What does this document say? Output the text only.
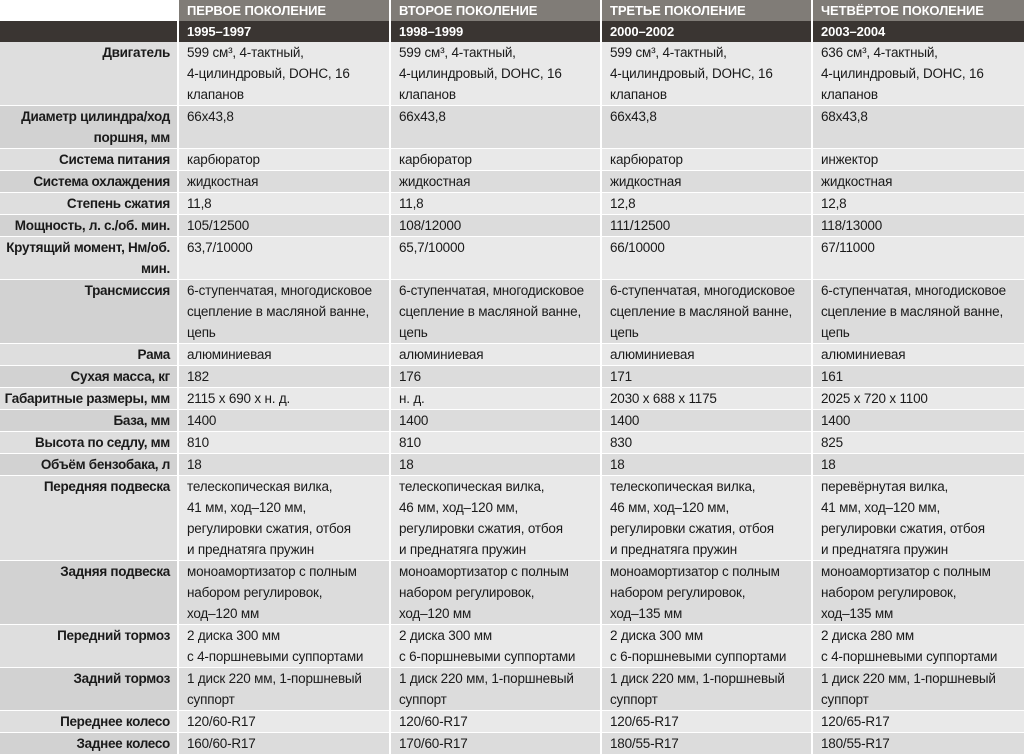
	ПЕРВОЕ ПОКОЛЕНИЕ	ВТОРОЕ ПОКОЛЕНИЕ	ТРЕТЬЕ ПОКОЛЕНИЕ	ЧЕТВЁРТОЕ ПОКОЛЕНИЕ
	1995–1997	1998–1999	2000–2002	2003–2004
Двигатель	599 см³, 4-тактный,
4-цилиндровый, DOHC, 16
клапанов	599 см³, 4-тактный,
4-цилиндровый, DOHC, 16
клапанов	599 см³, 4-тактный,
4-цилиндровый, DOHC, 16
клапанов	636 см³, 4-тактный,
4-цилиндровый, DOHC, 16
клапанов
Диаметр цилиндра/ход
поршня, мм	66x43,8	66x43,8	66x43,8	68x43,8
Система питания	карбюратор	карбюратор	карбюратор	инжектор
Система охлаждения	жидкостная	жидкостная	жидкостная	жидкостная
Степень сжатия	11,8	11,8	12,8	12,8
Мощность, л. с./об. мин.	105/12500	108/12000	111/12500	118/13000
Крутящий момент, Нм/об.
мин.	63,7/10000	65,7/10000	66/10000	67/11000
Трансмиссия	6-ступенчатая, многодисковое
сцепление в масляной ванне,
цепь	6-ступенчатая, многодисковое
сцепление в масляной ванне,
цепь	6-ступенчатая, многодисковое
сцепление в масляной ванне,
цепь	6-ступенчатая, многодисковое
сцепление в масляной ванне,
цепь
Рама	алюминиевая	алюминиевая	алюминиевая	алюминиевая
Сухая масса, кг	182	176	171	161
Габаритные размеры, мм	2115 x 690 x н. д.	н. д.	2030 x 688 x 1175	2025 x 720 x 1100
База, мм	1400	1400	1400	1400
Высота по седлу, мм	810	810	830	825
Объём бензобака, л	18	18	18	18
Передняя подвеска	телескопическая вилка,
41 мм, ход–120 мм,
регулировки сжатия, отбоя
и преднатяга пружин	телескопическая вилка,
46 мм, ход–120 мм,
регулировки сжатия, отбоя
и преднатяга пружин	телескопическая вилка,
46 мм, ход–120 мм,
регулировки сжатия, отбоя
и преднатяга пружин	перевёрнутая вилка,
41 мм, ход–120 мм,
регулировки сжатия, отбоя
и преднатяга пружин
Задняя подвеска	моноамортизатор с полным
набором регулировок,
ход–120 мм	моноамортизатор с полным
набором регулировок,
ход–120 мм	моноамортизатор с полным
набором регулировок,
ход–135 мм	моноамортизатор с полным
набором регулировок,
ход–135 мм
Передний тормоз	2 диска 300 мм
с 4-поршневыми суппортами	2 диска 300 мм
с 6-поршневыми суппортами	2 диска 300 мм
с 6-поршневыми суппортами	2 диска 280 мм
с 4-поршневыми суппортами
Задний тормоз	1 диск 220 мм, 1-поршневый
суппорт	1 диск 220 мм, 1-поршневый
суппорт	1 диск 220 мм, 1-поршневый
суппорт	1 диск 220 мм, 1-поршневый
суппорт
Переднее колесо	120/60-R17	120/60-R17	120/65-R17	120/65-R17
Заднее колесо	160/60-R17	170/60-R17	180/55-R17	180/55-R17
